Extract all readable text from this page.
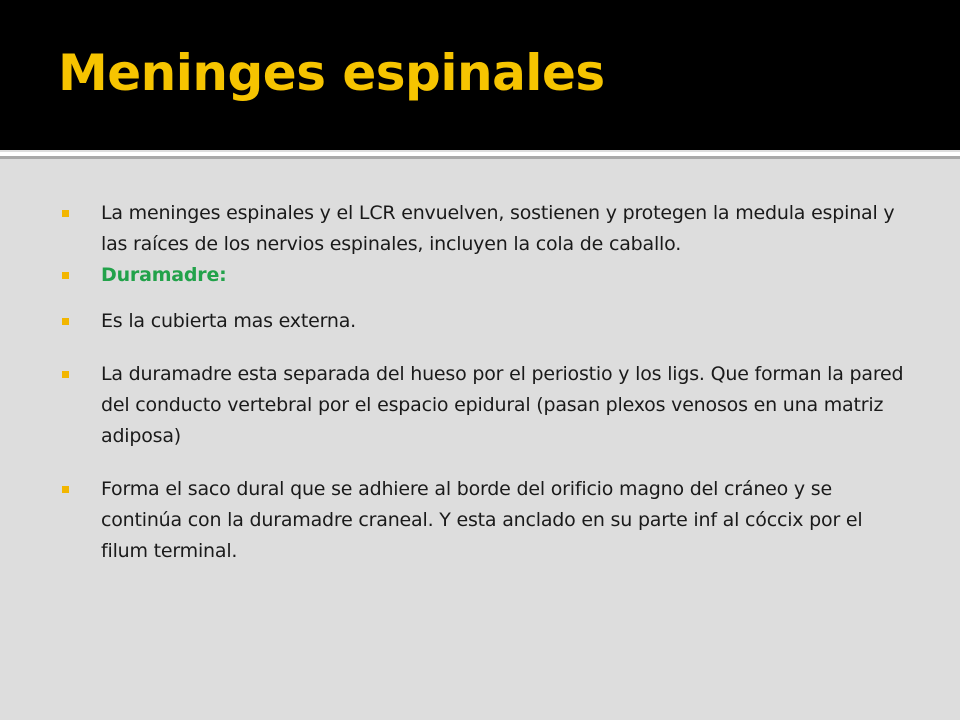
Meninges espinales
La meninges espinales y el LCR envuelven, sostienen y protegen la medula espinal y las raíces de los nervios espinales, incluyen la cola de caballo.
Duramadre:
Es la cubierta mas externa.
La duramadre esta separada del hueso por el periostio y los ligs. Que forman la pared del conducto vertebral por el espacio epidural (pasan plexos venosos en una matriz adiposa)
Forma el saco dural que se adhiere al borde del orificio magno del cráneo y se continúa con la duramadre craneal. Y esta anclado en su parte inf al cóccix por el filum terminal.
